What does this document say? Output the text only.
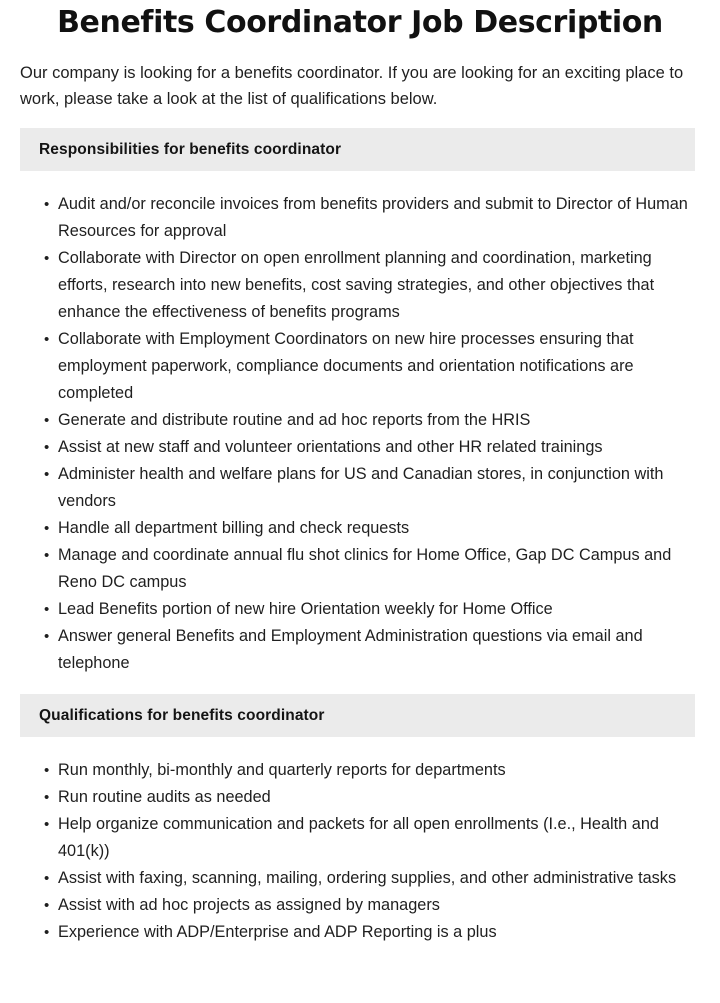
Benefits Coordinator Job Description

Our company is looking for a benefits coordinator. If you are looking for an exciting place to work, please take a look at the list of qualifications below.

Responsibilities for benefits coordinator
• Audit and/or reconcile invoices from benefits providers and submit to Director of Human Resources for approval
• Collaborate with Director on open enrollment planning and coordination, marketing efforts, research into new benefits, cost saving strategies, and other objectives that enhance the effectiveness of benefits programs
• Collaborate with Employment Coordinators on new hire processes ensuring that employment paperwork, compliance documents and orientation notifications are completed
• Generate and distribute routine and ad hoc reports from the HRIS
• Assist at new staff and volunteer orientations and other HR related trainings
• Administer health and welfare plans for US and Canadian stores, in conjunction with vendors
• Handle all department billing and check requests
• Manage and coordinate annual flu shot clinics for Home Office, Gap DC Campus and Reno DC campus
• Lead Benefits portion of new hire Orientation weekly for Home Office
• Answer general Benefits and Employment Administration questions via email and telephone
Qualifications for benefits coordinator
• Run monthly, bi-monthly and quarterly reports for departments
• Run routine audits as needed
• Help organize communication and packets for all open enrollments (I.e., Health and 401(k))
• Assist with faxing, scanning, mailing, ordering supplies, and other administrative tasks
• Assist with ad hoc projects as assigned by managers
• Experience with ADP/Enterprise and ADP Reporting is a plus
